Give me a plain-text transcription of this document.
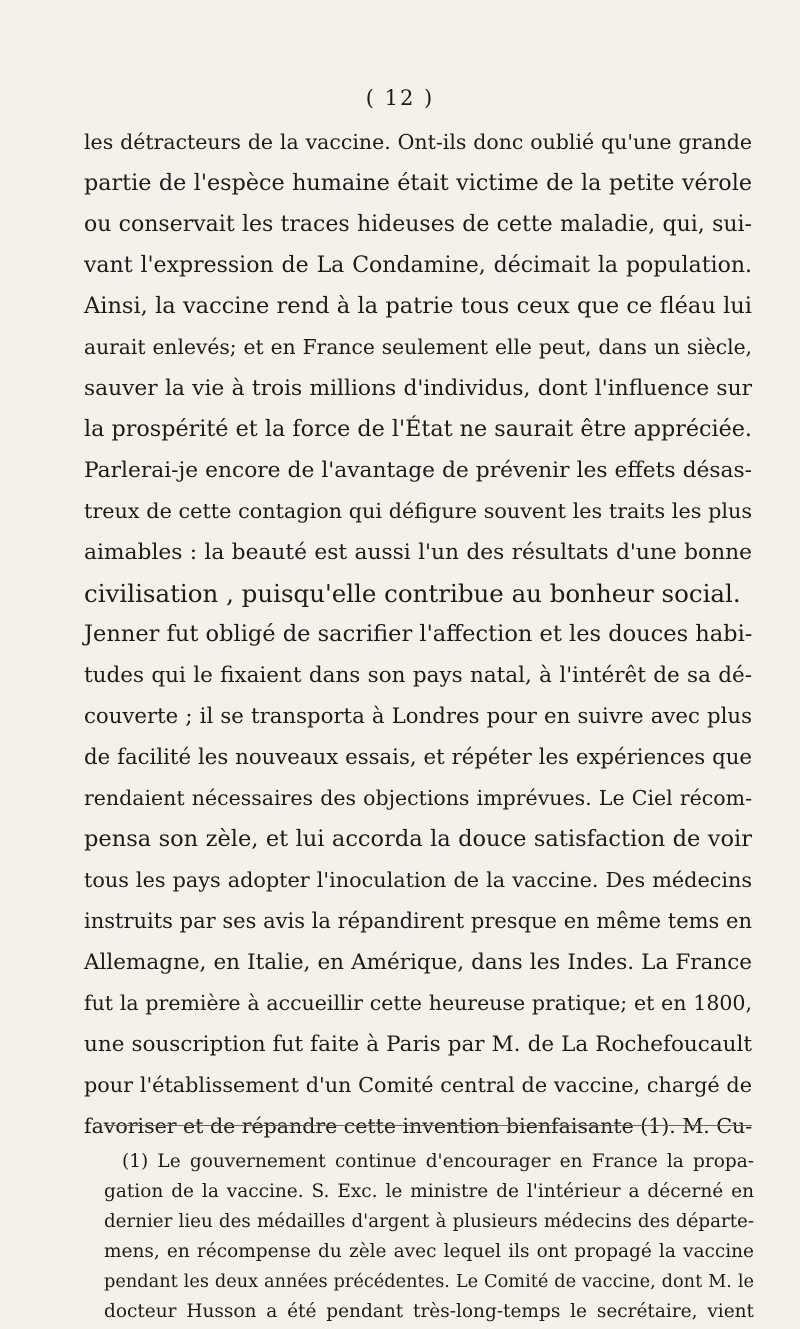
( 12 )
les détracteurs de la vaccine. Ont-ils donc oublié qu'une grande
partie de l'espèce humaine était victime de la petite vérole
ou conservait les traces hideuses de cette maladie, qui, sui-
vant l'expression de La Condamine, décimait la population.
Ainsi, la vaccine rend à la patrie tous ceux que ce fléau lui
aurait enlevés; et en France seulement elle peut, dans un siècle,
sauver la vie à trois millions d'individus, dont l'influence sur
la prospérité et la force de l'État ne saurait être appréciée.
Parlerai-je encore de l'avantage de prévenir les effets désas-
treux de cette contagion qui défigure souvent les traits les plus
aimables : la beauté est aussi l'un des résultats d'une bonne
civilisation , puisqu'elle contribue au bonheur social.
Jenner fut obligé de sacrifier l'affection et les douces habi-
tudes qui le fixaient dans son pays natal, à l'intérêt de sa dé-
couverte ; il se transporta à Londres pour en suivre avec plus
de facilité les nouveaux essais, et répéter les expériences que
rendaient nécessaires des objections imprévues. Le Ciel récom-
pensa son zèle, et lui accorda la douce satisfaction de voir
tous les pays adopter l'inoculation de la vaccine. Des médecins
instruits par ses avis la répandirent presque en même tems en
Allemagne, en Italie, en Amérique, dans les Indes. La France
fut la première à accueillir cette heureuse pratique; et en 1800,
une souscription fut faite à Paris par M. de La Rochefoucault
pour l'établissement d'un Comité central de vaccine, chargé de
favoriser et de répandre cette invention bienfaisante (1). M. Cu-
(1) Le gouvernement continue d'encourager en France la propa-
gation de la vaccine. S. Exc. le ministre de l'intérieur a décerné en
dernier lieu des médailles d'argent à plusieurs médecins des départe-
mens, en récompense du zèle avec lequel ils ont propagé la vaccine
pendant les deux années précédentes. Le Comité de vaccine, dont M. le
docteur Husson a été pendant très-long-temps le secrétaire, vient
